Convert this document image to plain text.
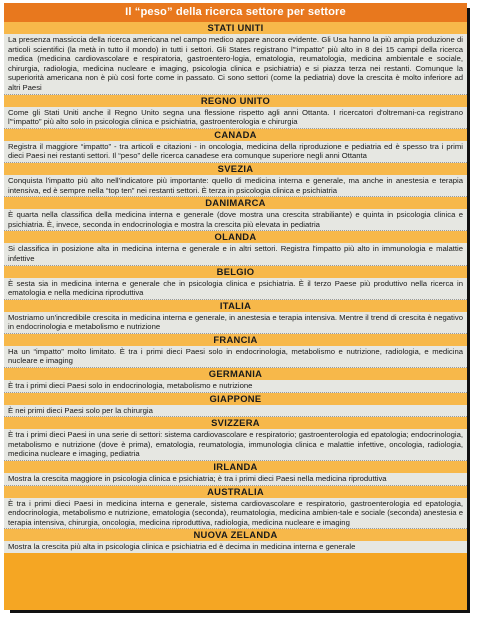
Il “peso” della ricerca settore per settore
STATI UNITI
La presenza massiccia della ricerca americana nel campo medico appare ancora evidente. Gli Usa hanno la più ampia produzione di articoli scientifici (la metà in tutto il mondo) in tutti i settori. Gli States registrano l'“impatto” più alto in 8 dei 15 campi della ricerca medica (medicina cardiovascolare e respiratoria, gastroentero-logia, ematologia, reumatologia, medicina ambientale e sociale, chirurgia, radiologia, medicina nucleare e imaging, psicologia clinica e psichiatria) e si piazza terza nei restanti. Comunque la superiorità americana non è più così forte come in passato. Ci sono settori (come la pediatria) dove la crescita è molto inferiore ad altri Paesi
REGNO UNITO
Come gli Stati Uniti anche il Regno Unito segna una flessione rispetto agli anni Ottanta. I ricercatori d'oltremani-ca registrano l'“impatto” più alto solo in psicologia clinica e psichiatria, gastroenterologia e chirurgia
CANADA
Registra il maggiore “impatto” - tra articoli e citazioni - in oncologia, medicina della riproduzione e pediatria ed è spesso tra i primi dieci Paesi nei restanti settori. Il “peso” delle ricerca canadese era comunque superiore negli anni Ottanta
SVEZIA
Conquista l'impatto più alto nell'indicatore più importante: quello di medicina interna e generale, ma anche in anestesia e terapia intensiva, ed è sempre nella “top ten” nei restanti settori. È terza in psicologia clinica e psichiatria
DANIMARCA
È quarta nella classifica della medicina interna e generale (dove mostra una crescita strabiliante) e quinta in psicologia clinica e psichiatria. È, invece, seconda in endocrinologia e mostra la crescita più elevata in pediatria
OLANDA
Si classifica in posizione alta in medicina interna e generale e in altri settori. Registra l'impatto più alto in immunologia e malattie infettive
BELGIO
È sesta sia in medicina interna e generale che in psicologia clinica e psichiatria. È il terzo Paese più produttivo nella ricerca in ematologia e nella medicina riproduttiva
ITALIA
Mostriamo un'incredibile crescita in medicina interna e generale, in anestesia e terapia intensiva. Mentre il trend di crescita è negativo in endocrinologia e metabolismo e nutrizione
FRANCIA
Ha un “impatto” molto limitato. È tra i primi dieci Paesi solo in endocrinologia, metabolismo e nutrizione, radiologia, e medicina nucleare e imaging
GERMANIA
È tra i primi dieci Paesi solo in endocrinologia, metabolismo e nutrizione
GIAPPONE
È nei primi dieci Paesi solo per la chirurgia
SVIZZERA
È tra i primi dieci Paesi in una serie di settori: sistema cardiovascolare e respiratorio; gastroenterologia ed epatologia; endocrinologia, metabolismo e nutrizione (dove è prima), ematologia, reumatologia, immunologia clinica e malattie infettive, oncologia, radiologia, medicina nucleare e imaging, pediatria
IRLANDA
Mostra la crescita maggiore in psicologia clinica e psichiatria; è tra i primi dieci Paesi nella medicina riproduttiva
AUSTRALIA
È tra i primi dieci Paesi in medicina interna e generale, sistema cardiovascolare e respiratorio, gastroenterologia ed epatologia, endocrinologia, metabolismo e nutrizione, ematologia (seconda), reumatologia, medicina ambien-tale e sociale (seconda) anestesia e terapia intensiva, chirurgia, oncologia, medicina riproduttiva, radiologia, medicina nucleare e imaging
NUOVA ZELANDA
Mostra la crescita più alta in psicologia clinica e psichiatria ed è decima in medicina interna e generale
